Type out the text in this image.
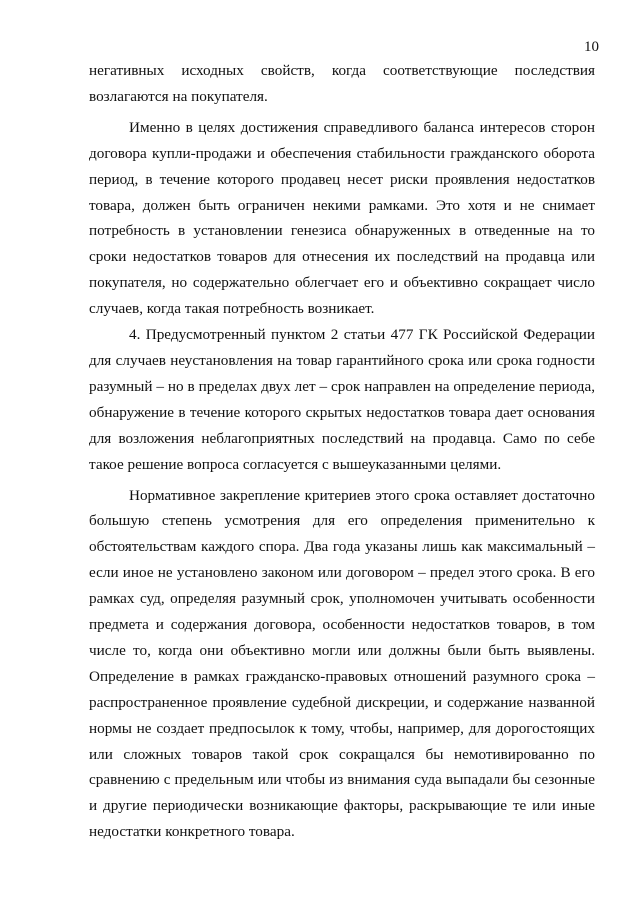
10

негативных исходных свойств, когда соответствующие последствия возлагаются на покупателя.

Именно в целях достижения справедливого баланса интересов сторон договора купли-продажи и обеспечения стабильности гражданского оборота период, в течение которого продавец несет риски проявления недостатков товара, должен быть ограничен некими рамками. Это хотя и не снимает потребность в установлении генезиса обнаруженных в отведенные на то сроки недостатков товаров для отнесения их последствий на продавца или покупателя, но содержательно облегчает его и объективно сокращает число случаев, когда такая потребность возникает.

4. Предусмотренный пунктом 2 статьи 477 ГК Российской Федерации для случаев неустановления на товар гарантийного срока или срока годности разумный – но в пределах двух лет – срок направлен на определение периода, обнаружение в течение которого скрытых недостатков товара дает основания для возложения неблагоприятных последствий на продавца. Само по себе такое решение вопроса согласуется с вышеуказанными целями.

Нормативное закрепление критериев этого срока оставляет достаточно большую степень усмотрения для его определения применительно к обстоятельствам каждого спора. Два года указаны лишь как максимальный – если иное не установлено законом или договором – предел этого срока. В его рамках суд, определяя разумный срок, уполномочен учитывать особенности предмета и содержания договора, особенности недостатков товаров, в том числе то, когда они объективно могли или должны были быть выявлены. Определение в рамках гражданско-правовых отношений разумного срока – распространенное проявление судебной дискреции, и содержание названной нормы не создает предпосылок к тому, чтобы, например, для дорогостоящих или сложных товаров такой срок сокращался бы немотивированно по сравнению с предельным или чтобы из внимания суда выпадали бы сезонные и другие периодически возникающие факторы, раскрывающие те или иные недостатки конкретного товара.
